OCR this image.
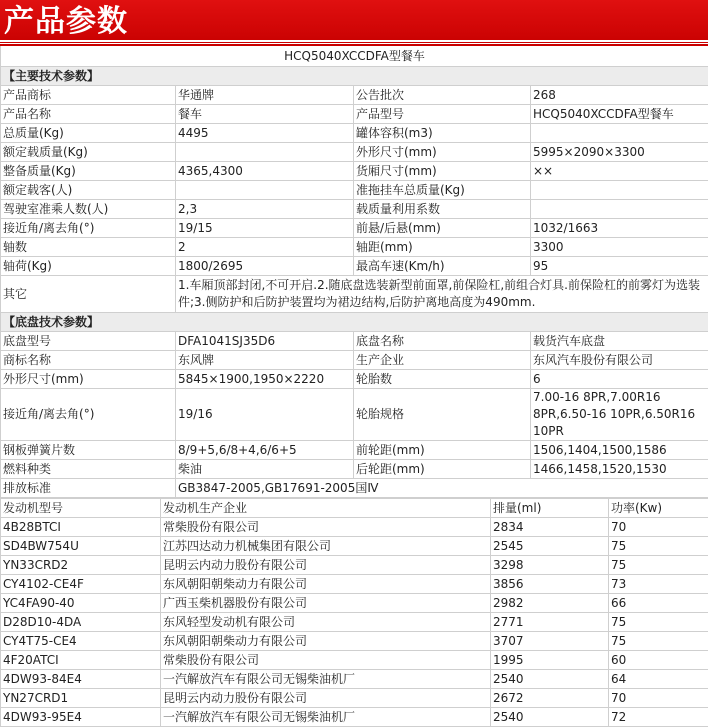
产品参数
HCQ5040XCCDFA型餐车			
【主要技术参数】			
产品商标	华通牌	公告批次	268
产品名称	餐车	产品型号	HCQ5040XCCDFA型餐车
总质量(Kg)	4495	罐体容积(m3)	
额定载质量(Kg)		外形尺寸(mm)	5995×2090×3300
整备质量(Kg)	4365,4300	货厢尺寸(mm)	××
额定载客(人)		准拖挂车总质量(Kg)	
驾驶室准乘人数(人)	2,3	载质量利用系数	
接近角/离去角(°)	19/15	前悬/后悬(mm)	1032/1663
轴数	2	轴距(mm)	3300
轴荷(Kg)	1800/2695	最高车速(Km/h)	95
其它	1.车厢顶部封闭,不可开启.2.随底盘选装新型前面罩,前保险杠,前组合灯具.前保险杠的前雾灯为选装件;3.侧防护和后防护装置均为裙边结构,后防护离地高度为490mm.		
【底盘技术参数】			
底盘型号	DFA1041SJ35D6	底盘名称	载货汽车底盘
商标名称	东风牌	生产企业	东风汽车股份有限公司
外形尺寸(mm)	5845×1900,1950×2220	轮胎数	6
接近角/离去角(°)	19/16	轮胎规格	7.00-16 8PR,7.00R16 8PR,6.50-16 10PR,6.50R16 10PR
钢板弹簧片数	8/9+5,6/8+4,6/6+5	前轮距(mm)	1506,1404,1500,1586
燃料种类	柴油	后轮距(mm)	1466,1458,1520,1530
排放标准	GB3847-2005,GB17691-2005国Ⅳ		
发动机型号	发动机生产企业	排量(ml)	功率(Kw)
4B28BTCI	常柴股份有限公司	2834	70
SD4BW754U	江苏四达动力机械集团有限公司	2545	75
YN33CRD2	昆明云内动力股份有限公司	3298	75
CY4102-CE4F	东风朝阳朝柴动力有限公司	3856	73
YC4FA90-40	广西玉柴机器股份有限公司	2982	66
D28D10-4DA	东风轻型发动机有限公司	2771	75
CY4T75-CE4	东风朝阳朝柴动力有限公司	3707	75
4F20ATCI	常柴股份有限公司	1995	60
4DW93-84E4	一汽解放汽车有限公司无锡柴油机厂	2540	64
YN27CRD1	昆明云内动力股份有限公司	2672	70
4DW93-95E4	一汽解放汽车有限公司无锡柴油机厂	2540	72
